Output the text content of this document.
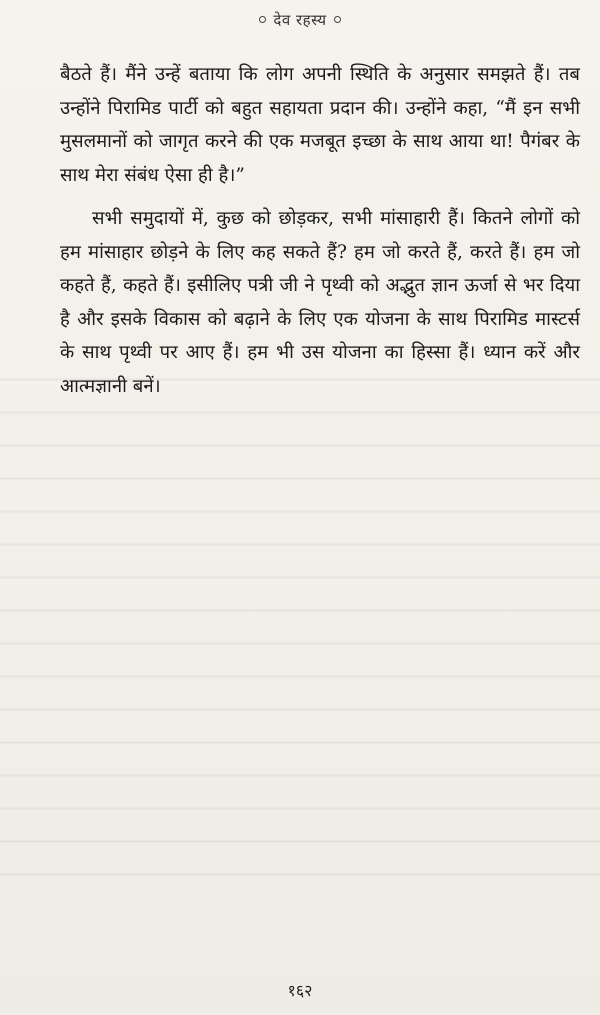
देव रहस्य

बैठते हैं। मैंने उन्हें बताया कि लोग अपनी स्थिति के अनुसार समझते हैं। तब उन्होंने पिरामिड पार्टी को बहुत सहायता प्रदान की। उन्होंने कहा, “मैं इन सभी मुसलमानों को जागृत करने की एक मजबूत इच्छा के साथ आया था! पैगंबर के साथ मेरा संबंध ऐसा ही है।”

सभी समुदायों में, कुछ को छोड़कर, सभी मांसाहारी हैं। कितने लोगों को हम मांसाहार छोड़ने के लिए कह सकते हैं? हम जो करते हैं, करते हैं। हम जो कहते हैं, कहते हैं। इसीलिए पत्री जी ने पृथ्वी को अद्भुत ज्ञान ऊर्जा से भर दिया है और इसके विकास को बढ़ाने के लिए एक योजना के साथ पिरामिड मास्टर्स के साथ पृथ्वी पर आए हैं। हम भी उस योजना का हिस्सा हैं। ध्यान करें और आत्मज्ञानी बनें।

१६२
